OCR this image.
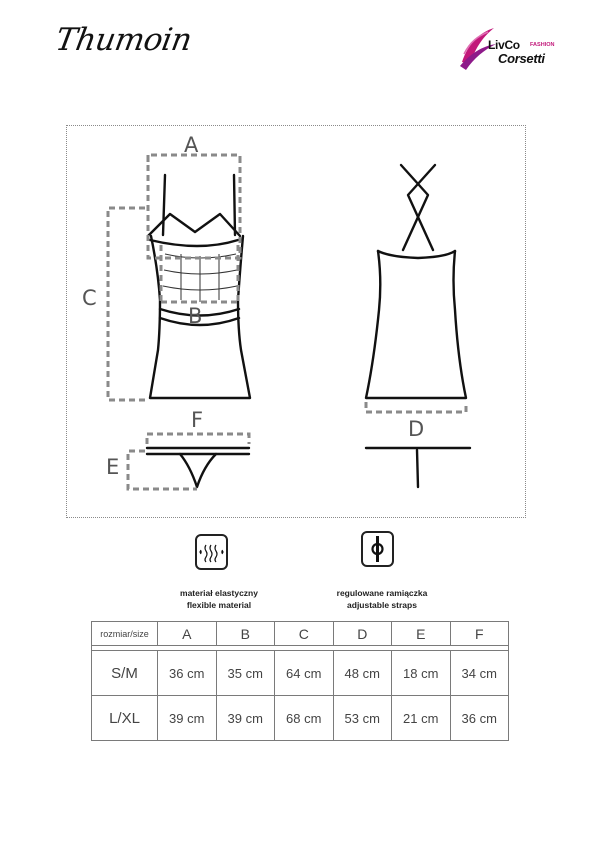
Thumoin	LivCo FASHION
Corsetti
A
B
C
D
E
F
materiał elastyczny
flexible material
regulowane ramiączka
adjustable straps
rozmiar/size	A	B	C	D	E	F

S/M	36 cm	35 cm	64 cm	48 cm	18 cm	34 cm
L/XL	39 cm	39 cm	68 cm	53 cm	21 cm	36 cm
